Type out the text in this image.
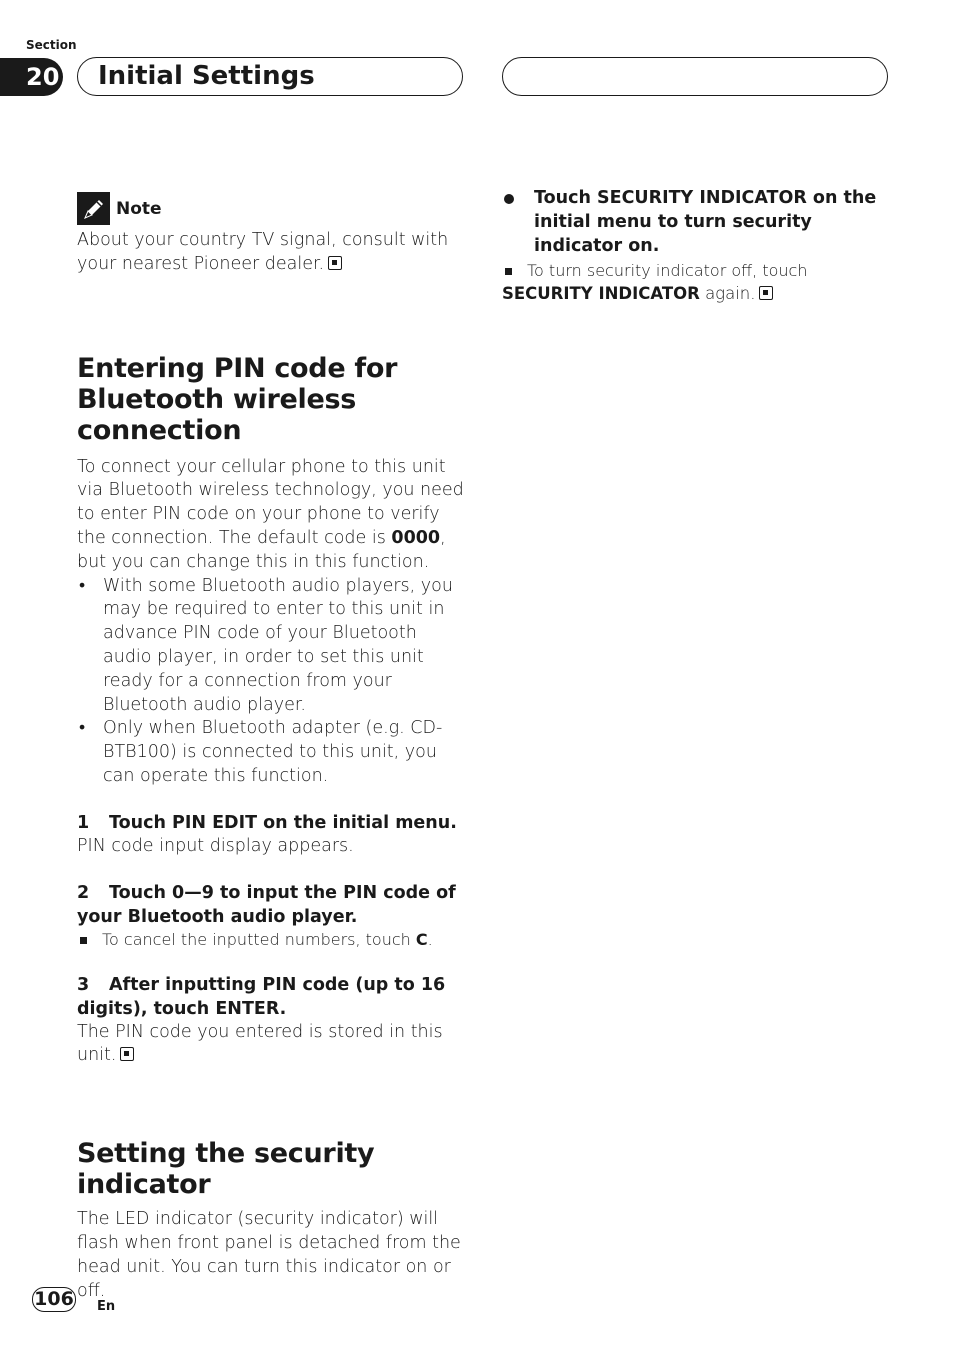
Section
20	Initial Settings
Note

About your country TV signal, consult with your nearest Pioneer dealer.

Entering PIN code for
Bluetooth wireless connection

To connect your cellular phone to this unit via Bluetooth wireless technology, you need to enter PIN code on your phone to verify the connection. The default code is 0000, but you can change this in this function.

• With some Bluetooth audio players, you may be required to enter to this unit in advance PIN code of your Bluetooth audio player, in order to set this unit ready for a connection from your Bluetooth audio player.
• Only when Bluetooth adapter (e.g. CD-BTB100) is connected to this unit, you can operate this function.

1 Touch PIN EDIT on the initial menu.

PIN code input display appears.

2 Touch 0—9 to input the PIN code of your Bluetooth audio player.

To cancel the inputted numbers, touch C.

3 After inputting PIN code (up to 16 digits), touch ENTER.

The PIN code you entered is stored in this unit.

Setting the security indicator

The LED indicator (security indicator) will flash when front panel is detached from the head unit. You can turn this indicator on or off.

Touch SECURITY INDICATOR on the initial menu to turn security indicator on.

To turn security indicator off, touch

SECURITY INDICATOR again.

106 En
